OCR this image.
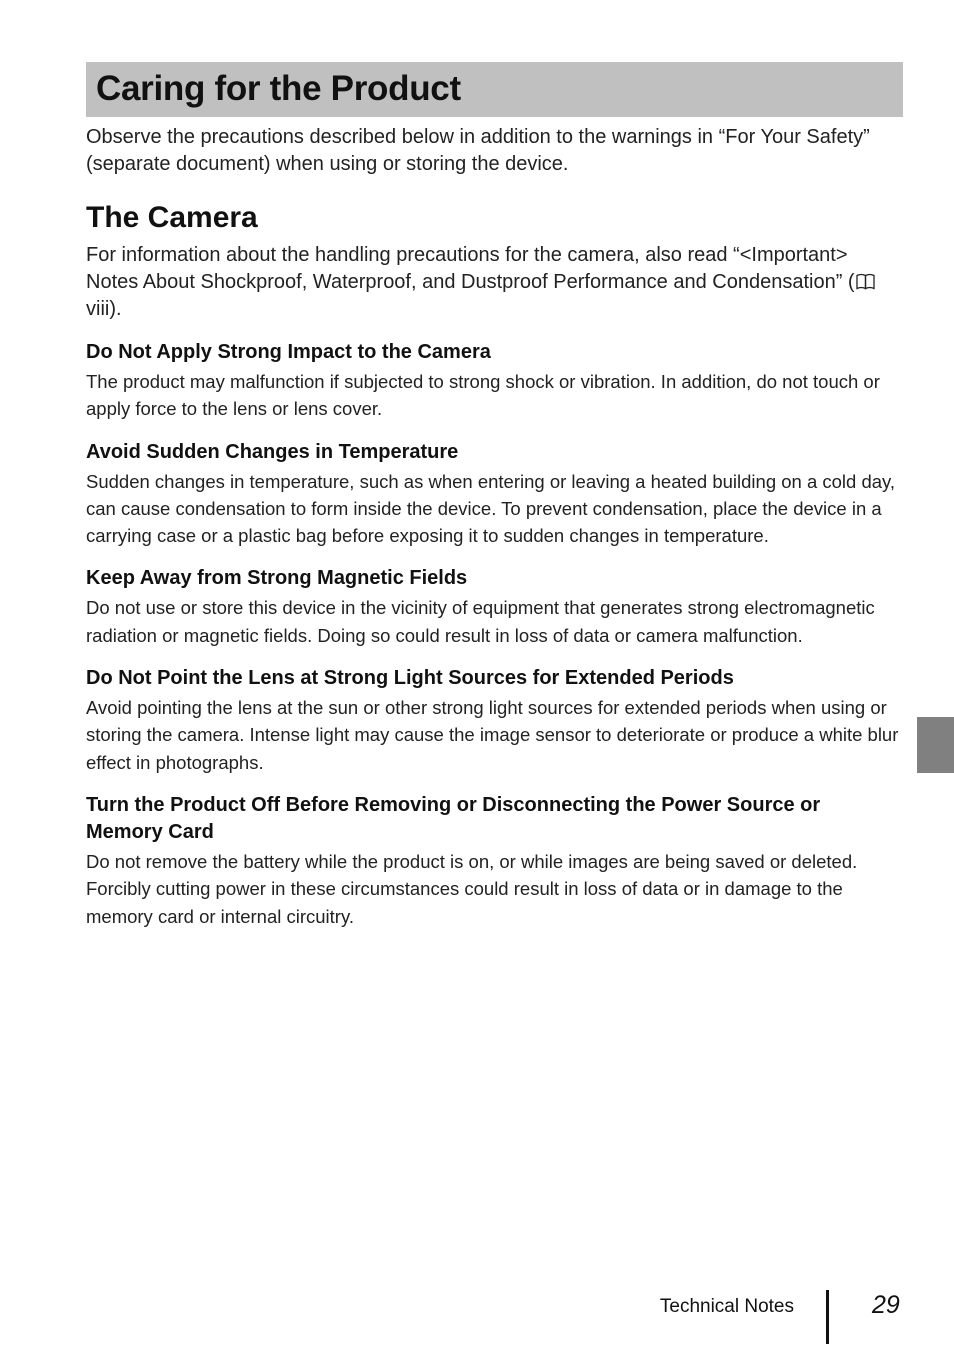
Caring for the Product

Observe the precautions described below in addition to the warnings in “For Your Safety” (separate document) when using or storing the device.

The Camera

For information about the handling precautions for the camera, also read “<Important> Notes About Shockproof, Waterproof, and Dustproof Performance and Condensation” (viii).

Do Not Apply Strong Impact to the Camera

The product may malfunction if subjected to strong shock or vibration. In addition, do not touch or apply force to the lens or lens cover.

Avoid Sudden Changes in Temperature

Sudden changes in temperature, such as when entering or leaving a heated building on a cold day, can cause condensation to form inside the device. To prevent condensation, place the device in a carrying case or a plastic bag before exposing it to sudden changes in temperature.

Keep Away from Strong Magnetic Fields

Do not use or store this device in the vicinity of equipment that generates strong electromagnetic radiation or magnetic fields. Doing so could result in loss of data or camera malfunction.

Do Not Point the Lens at Strong Light Sources for Extended Periods

Avoid pointing the lens at the sun or other strong light sources for extended periods when using or storing the camera. Intense light may cause the image sensor to deteriorate or produce a white blur effect in photographs.

Turn the Product Off Before Removing or Disconnecting the Power Source or Memory Card

Do not remove the battery while the product is on, or while images are being saved or deleted. Forcibly cutting power in these circumstances could result in loss of data or in damage to the memory card or internal circuitry.

Technical Notes	29
